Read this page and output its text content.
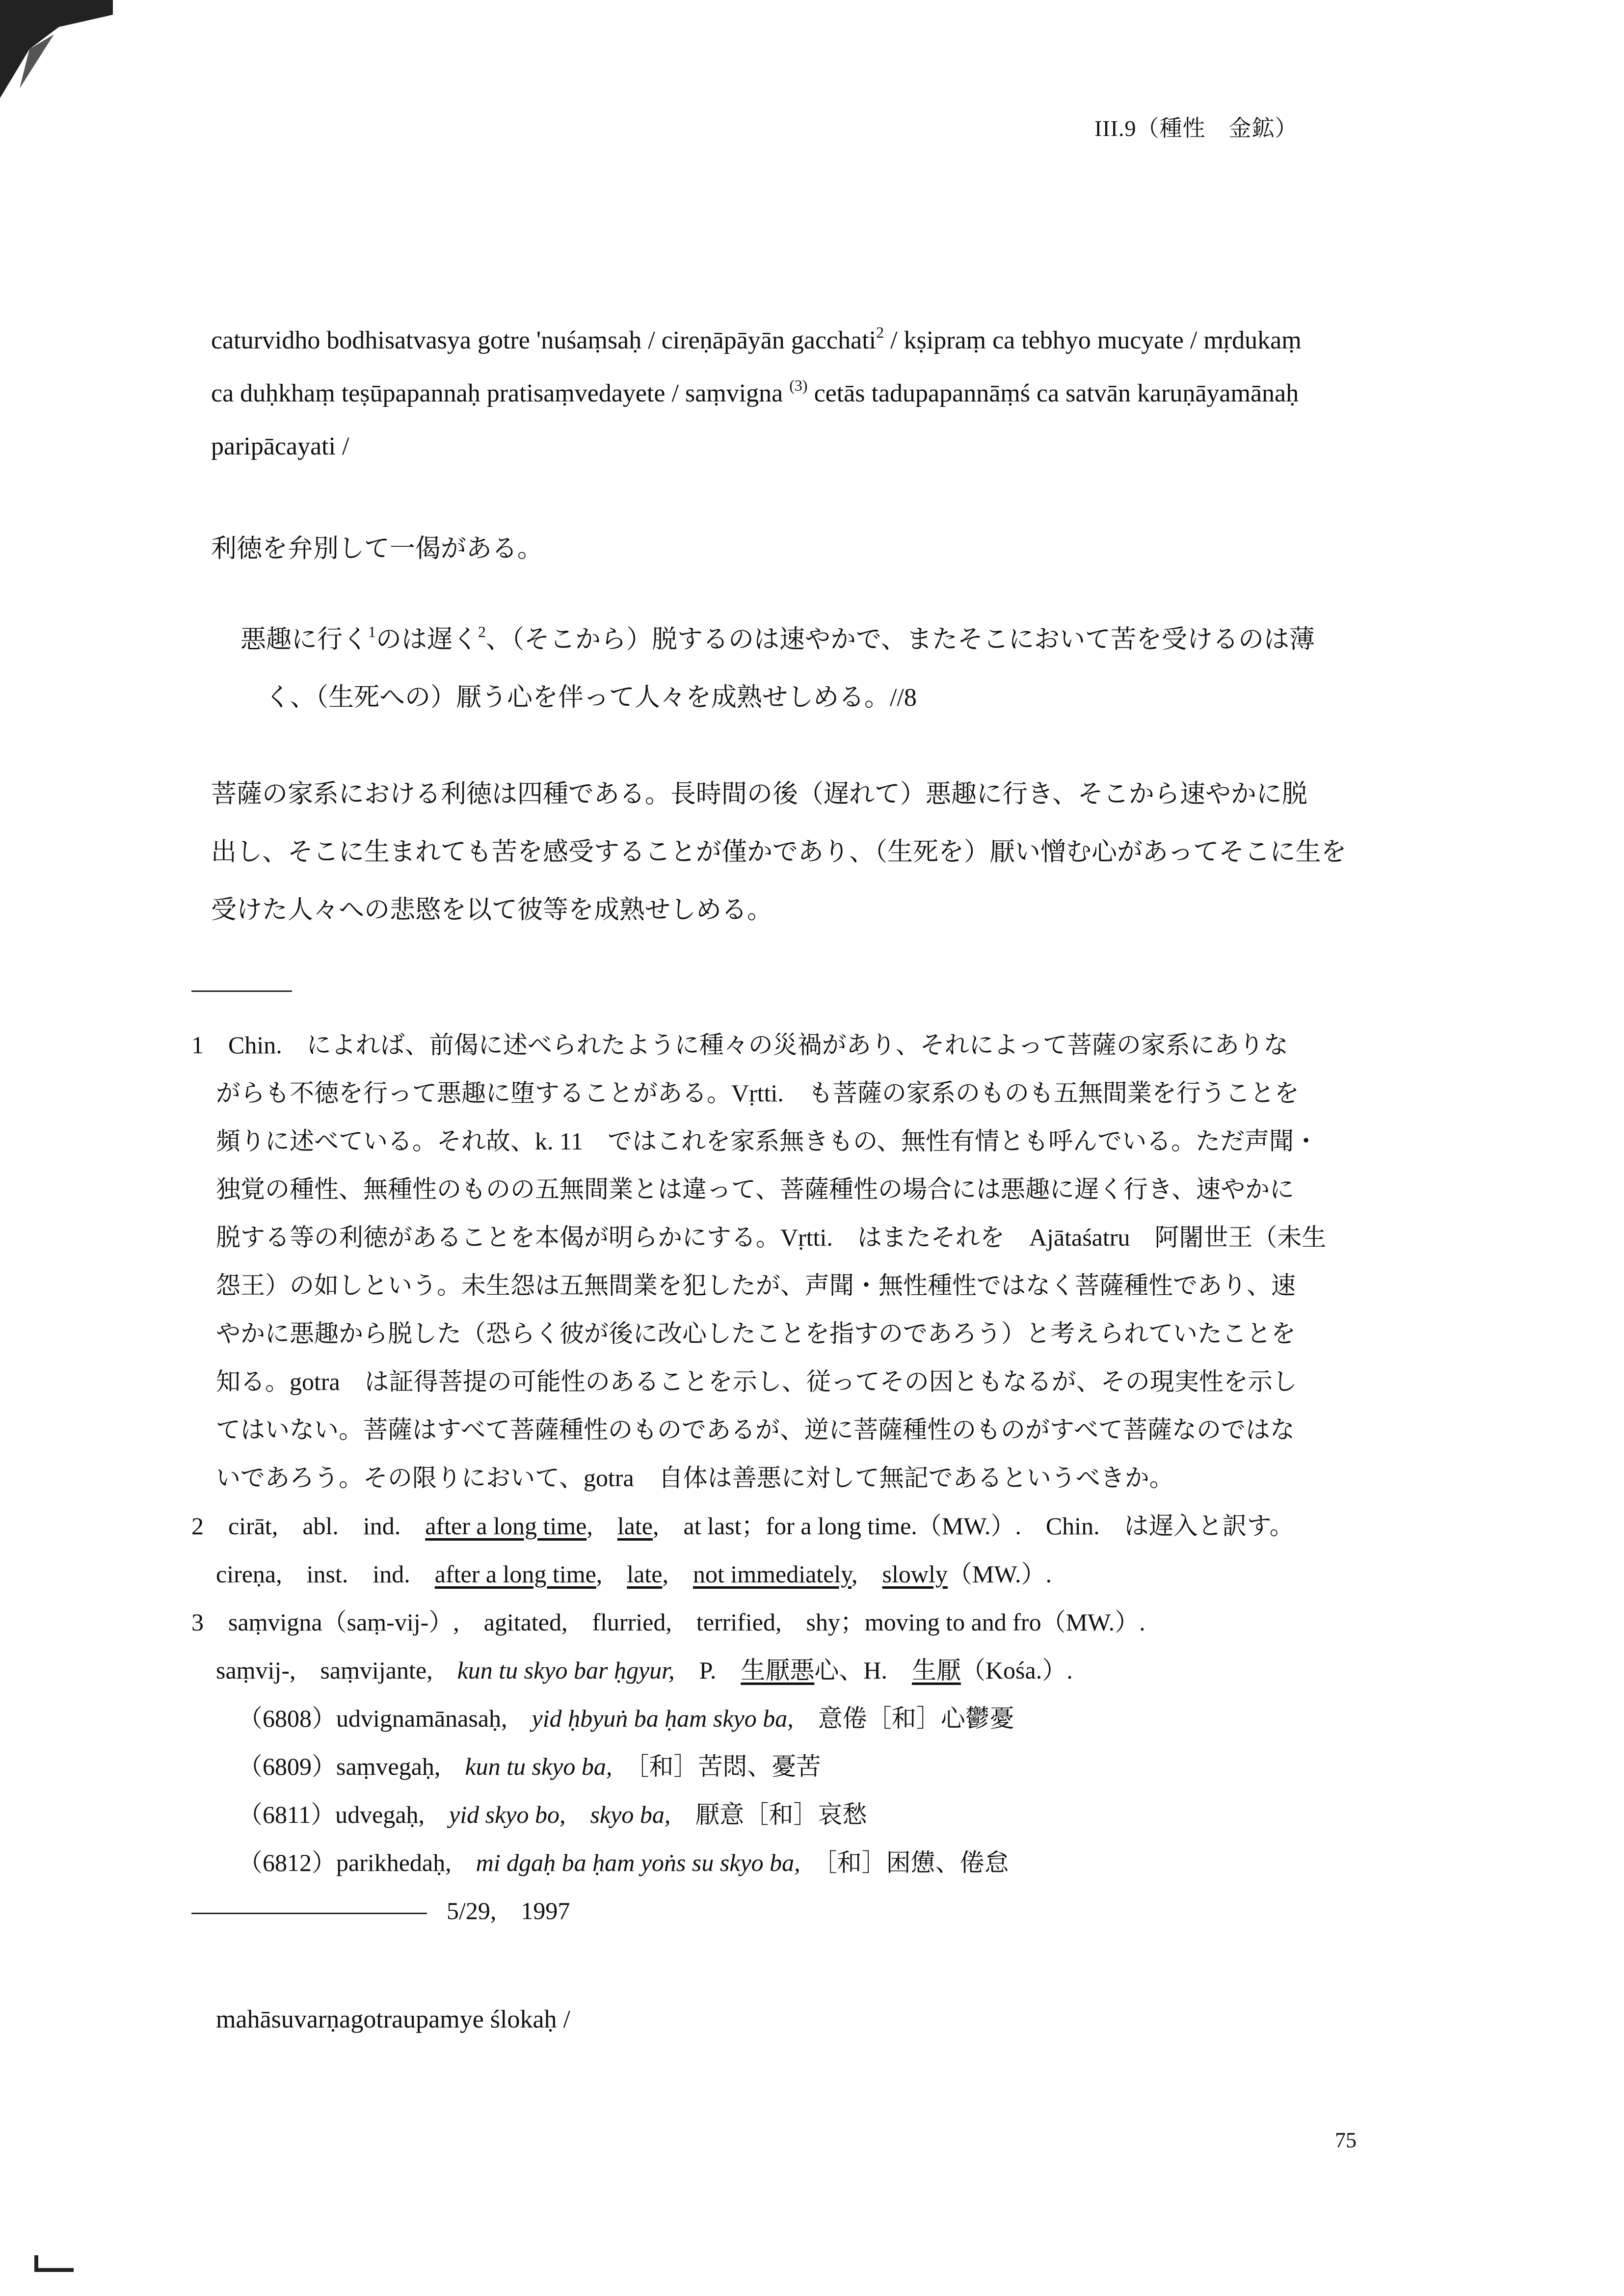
III.9（種性　金鉱）
caturvidho bodhisatvasya gotre 'nuśaṃsaḥ / cireṇāpāyān gacchati$^2$ / kṣipraṃ ca tebhyo mucyate / mṛdukaṃ
ca duḥkhaṃ teṣūpapannaḥ pratisaṃvedayete / saṃvigna $^{(3)}$ cetās tadupapannāṃś ca satvān karuṇāyamānaḥ
paripācayati /
利徳を弁別して一偈がある。
悪趣に行く$^1$のは遅く$^2$、（そこから）脱するのは速やかで、またそこにおいて苦を受けるのは薄
く、（生死への）厭う心を伴って人々を成熟せしめる。//8
菩薩の家系における利徳は四種である。長時間の後（遅れて）悪趣に行き、そこから速やかに脱
出し、そこに生まれても苦を感受することが僅かであり、（生死を）厭い憎む心があってそこに生を
受けた人々への悲愍を以て彼等を成熟せしめる。
1　Chin.　によれば、前偈に述べられたように種々の災禍があり、それによって菩薩の家系にありな
がらも不徳を行って悪趣に堕することがある。Vṛtti.　も菩薩の家系のものも五無間業を行うことを
頻りに述べている。それ故、k. 11　ではこれを家系無きもの、無性有情とも呼んでいる。ただ声聞・
独覚の種性、無種性のものの五無間業とは違って、菩薩種性の場合には悪趣に遅く行き、速やかに
脱する等の利徳があることを本偈が明らかにする。Vṛtti.　はまたそれを　Ajātaśatru　阿闍世王（未生
怨王）の如しという。未生怨は五無間業を犯したが、声聞・無性種性ではなく菩薩種性であり、速
やかに悪趣から脱した（恐らく彼が後に改心したことを指すのであろう）と考えられていたことを
知る。gotra　は証得菩提の可能性のあることを示し、従ってその因ともなるが、その現実性を示し
てはいない。菩薩はすべて菩薩種性のものであるが、逆に菩薩種性のものがすべて菩薩なのではな
いであろう。その限りにおいて、gotra　自体は善悪に対して無記であるというべきか。
2　cirāt,　abl.　ind.　after a long time,　late,　at last；for a long time.（MW.）.　Chin.　は遅入と訳す。
cireṇa,　inst.　ind.　after a long time,　late,　not immediately,　slowly（MW.）.
3　saṃvigna（saṃ-vij-）,　agitated,　flurried,　terrified,　shy；moving to and fro（MW.）.
saṃvij-,　saṃvijante,　kun tu skyo bar ḥgyur,　P.　生厭悪心、H.　生厭（Kośa.）.
（6808）udvignamānasaḥ,　yid ḥbyuṅ ba ḥam skyo ba,　意倦［和］心鬱憂
（6809）saṃvegaḥ,　kun tu skyo ba,　［和］苦悶、憂苦
（6811）udvegaḥ,　yid skyo bo,　skyo ba,　厭意［和］哀愁
（6812）parikhedaḥ,　mi dgaḥ ba ḥam yoṅs su skyo ba,　［和］困憊、倦怠
5/29,　1997
mahāsuvarṇagotraupamye ślokaḥ /
75
